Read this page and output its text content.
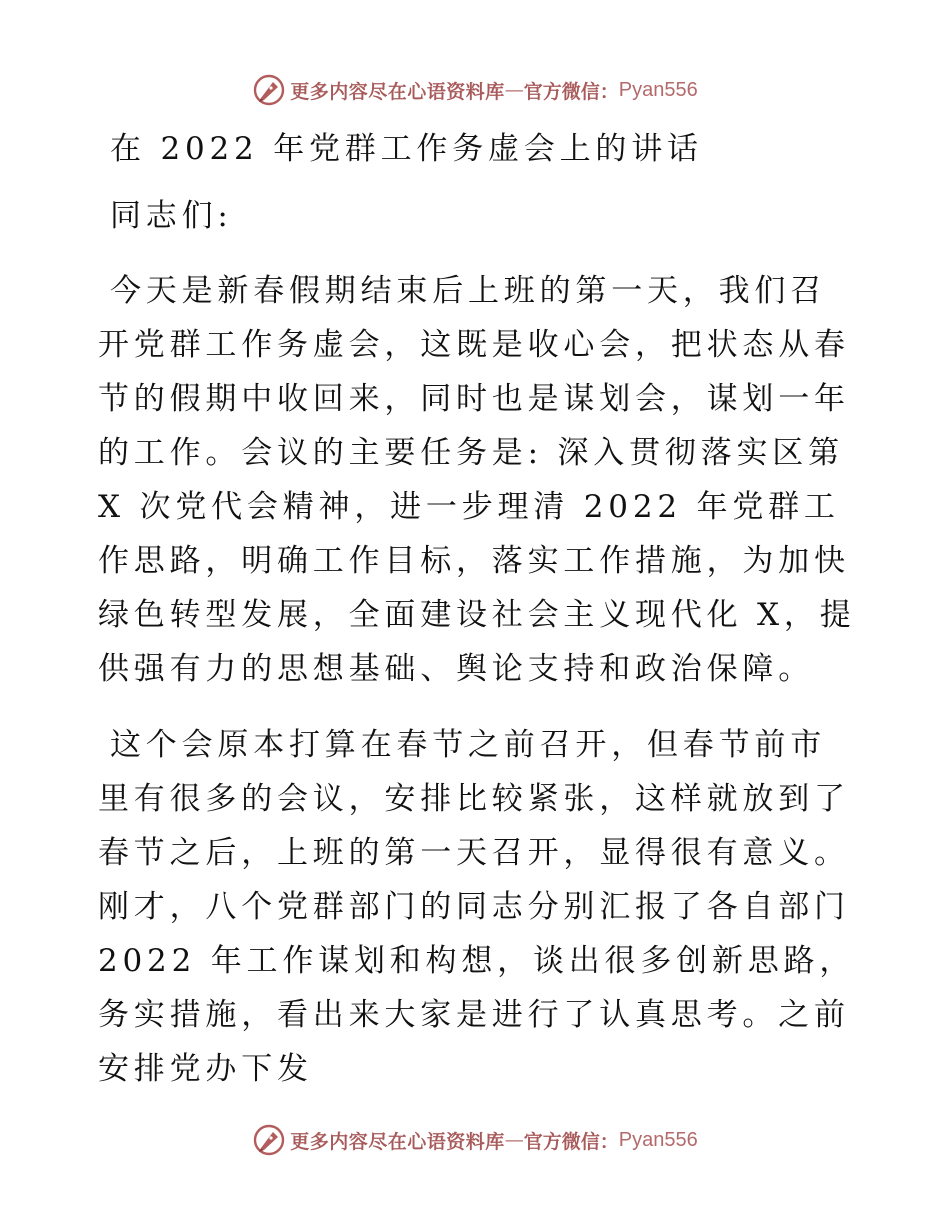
更多内容尽在心语资料库 — 官方微信： Pyan556
在 2022 年党群工作务虚会上的讲话

同志们:

今天是新春假期结束后上班的第一天，我们召开党群工作务虚会，这既是收心会，把状态从春节的假期中收回来，同时也是谋划会，谋划一年的工作。会议的主要任务是: 深入贯彻落实区第 X 次党代会精神，进一步理清 2022 年党群工作思路，明确工作目标，落实工作措施，为加快绿色转型发展，全面建设社会主义现代化 X，提供强有力的思想基础、舆论支持和政治保障。

这个会原本打算在春节之前召开，但春节前市里有很多的会议，安排比较紧张，这样就放到了春节之后，上班的第一天召开，显得很有意义。刚才，八个党群部门的同志分别汇报了各自部门 2022 年工作谋划和构想，谈出很多创新思路，务实措施，看出来大家是进行了认真思考。之前安排党办下发

更多内容尽在心语资料库 — 官方微信： Pyan556
